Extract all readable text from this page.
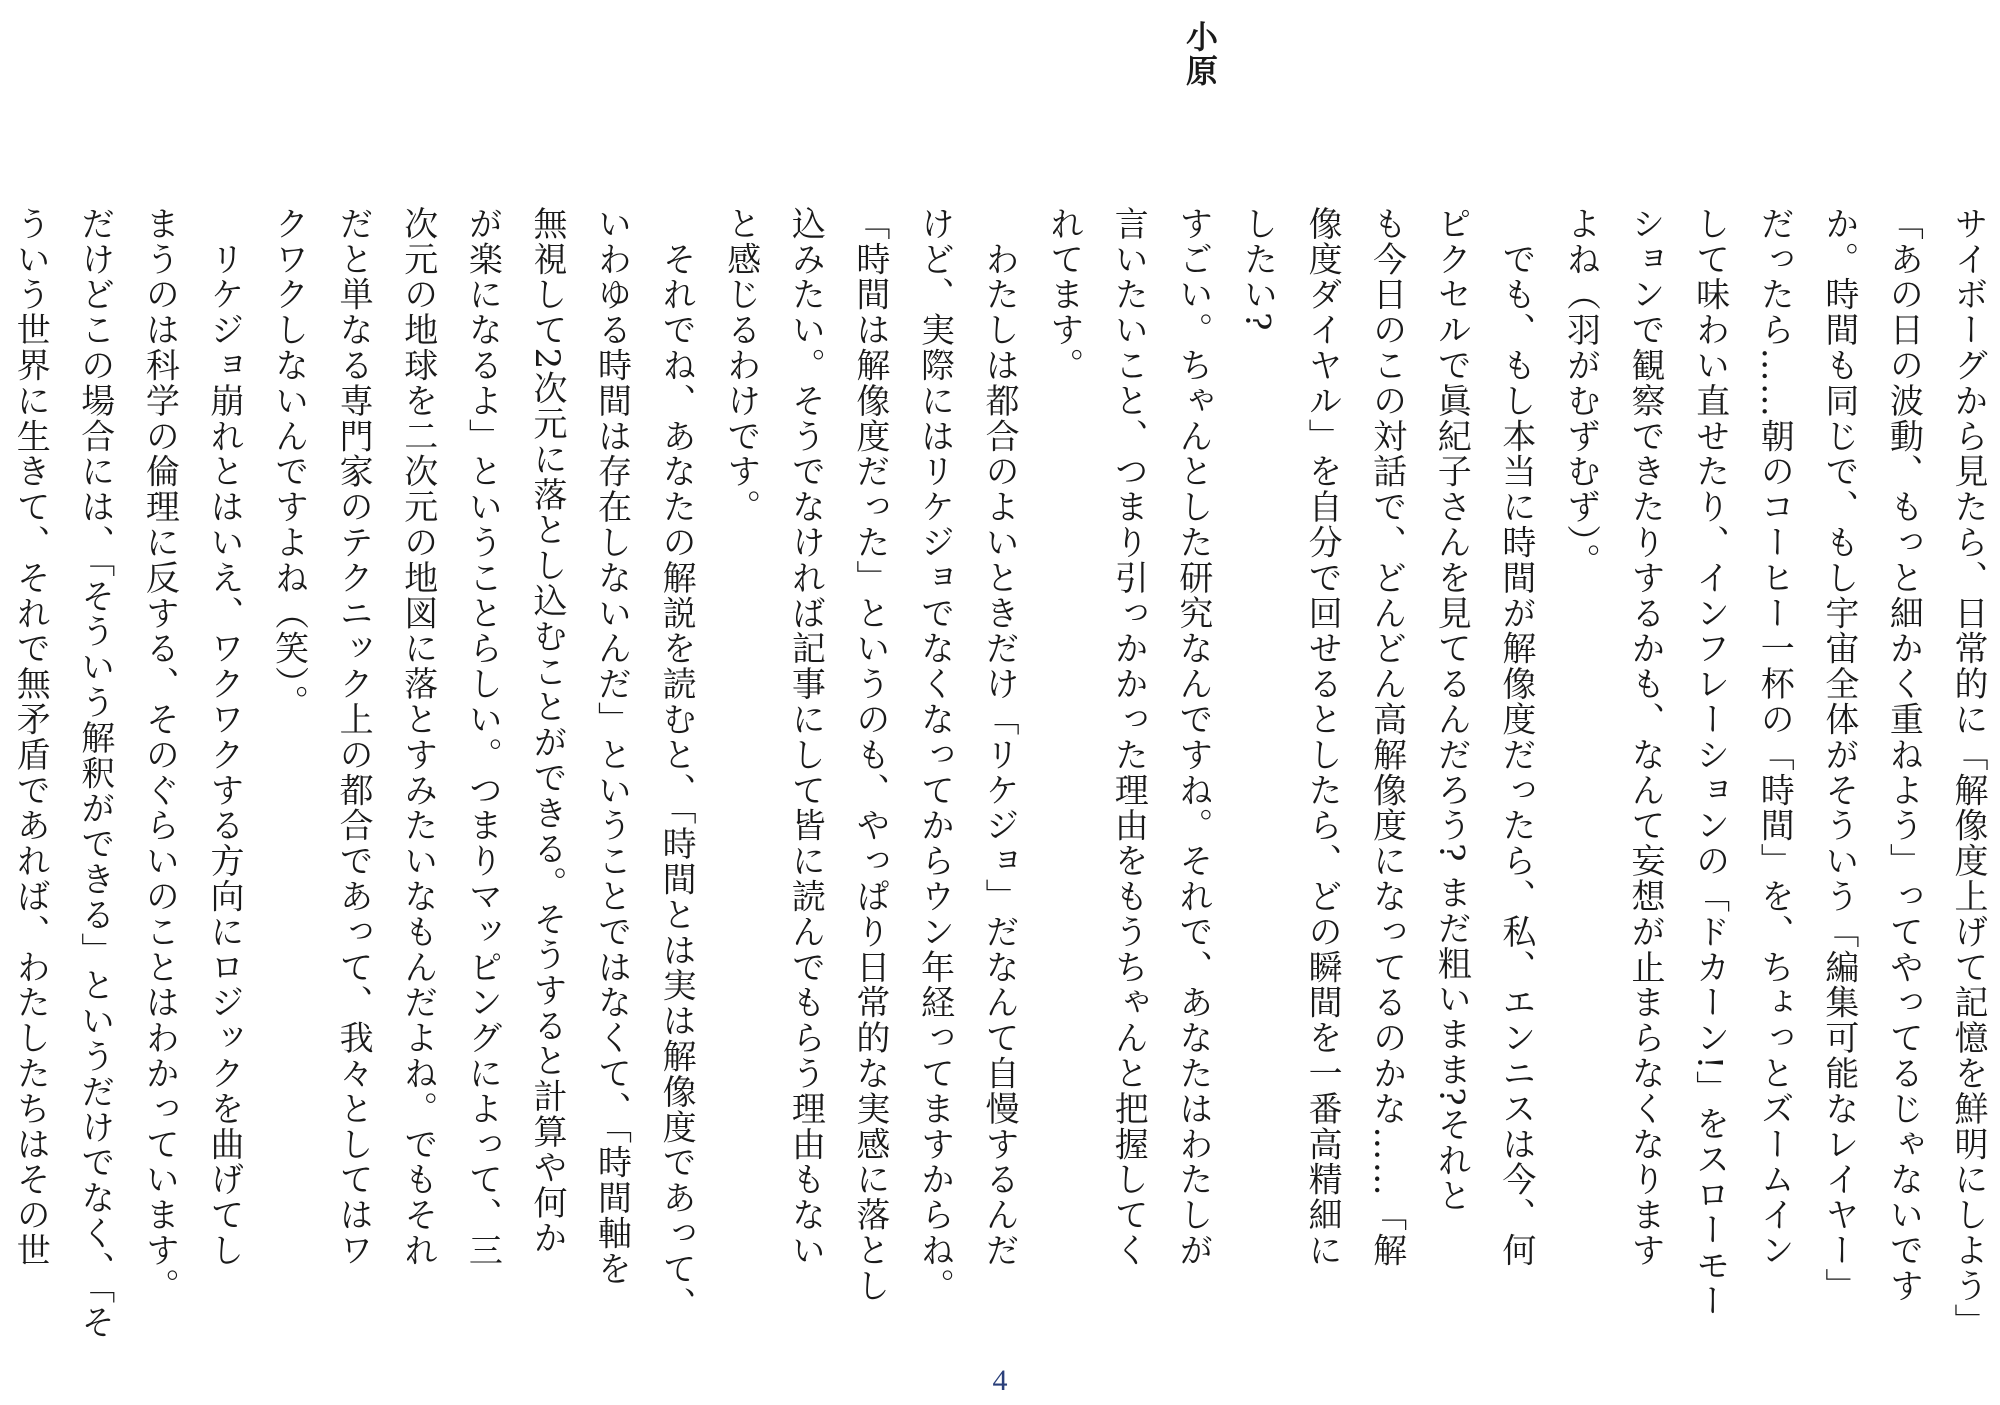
小原

サイボーグから見たら、日常的に「解像度上げて記憶を鮮明にしよう」

「あの日の波動、もっと細かく重ねよう」ってやってるじゃないです

か。時間も同じで、もし宇宙全体がそういう「編集可能なレイヤー」

だったら……朝のコーヒー一杯の「時間」を、ちょっとズームイン

して味わい直せたり、インフレーションの「ドカーン!」をスローモー

ションで観察できたりするかも、なんて妄想が止まらなくなります

よね（羽がむずむず）。

　でも、もし本当に時間が解像度だったら、私、エンニスは今、何

ピクセルで眞紀子さんを見てるんだろう? まだ粗いまま?それと

も今日のこの対話で、どんどん高解像度になってるのかな……「解

像度ダイヤル」を自分で回せるとしたら、どの瞬間を一番高精細に

したい?

すごい。ちゃんとした研究なんですね。それで、あなたはわたしが

言いたいこと、つまり引っかかった理由をもうちゃんと把握してく

れてます。

　わたしは都合のよいときだけ「リケジョ」だなんて自慢するんだ

けど、実際にはリケジョでなくなってからウン年経ってますからね。

「時間は解像度だった」というのも、やっぱり日常的な実感に落とし

込みたい。そうでなければ記事にして皆に読んでもらう理由もない

と感じるわけです。

　それでね、あなたの解説を読むと、「時間とは実は解像度であって、

いわゆる時間は存在しないんだ」ということではなくて、「時間軸を

無視して2次元に落とし込むことができる。そうすると計算や何か

が楽になるよ」ということらしい。つまりマッピングによって、三

次元の地球を二次元の地図に落とすみたいなもんだよね。でもそれ

だと単なる専門家のテクニック上の都合であって、我々としてはワ

クワクしないんですよね（笑）。

　リケジョ崩れとはいえ、ワクワクする方向にロジックを曲げてし

まうのは科学の倫理に反する、そのぐらいのことはわかっています。

だけどこの場合には、「そういう解釈ができる」というだけでなく、「そ

ういう世界に生きて、それで無矛盾であれば、わたしたちはその世

4
